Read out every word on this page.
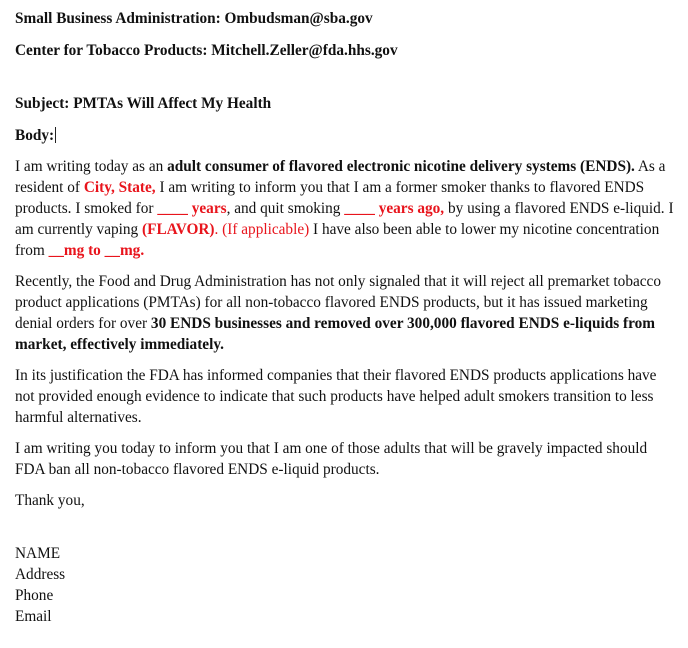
Small Business Administration: Ombudsman@sba.gov

Center for Tobacco Products: Mitchell.Zeller@fda.hhs.gov

Subject: PMTAs Will Affect My Health

Body:

I am writing today as an adult consumer of flavored electronic nicotine delivery systems (ENDS). As a resident of City, State, I am writing to inform you that I am a former smoker thanks to flavored ENDS products. I smoked for ____ years, and quit smoking ____ years ago, by using a flavored ENDS e-liquid. I am currently vaping (FLAVOR). (If applicable) I have also been able to lower my nicotine concentration from __mg to __mg.

Recently, the Food and Drug Administration has not only signaled that it will reject all premarket tobacco product applications (PMTAs) for all non-tobacco flavored ENDS products, but it has issued marketing denial orders for over 30 ENDS businesses and removed over 300,000 flavored ENDS e-liquids from market, effectively immediately.

In its justification the FDA has informed companies that their flavored ENDS products applications have not provided enough evidence to indicate that such products have helped adult smokers transition to less harmful alternatives.

I am writing you today to inform you that I am one of those adults that will be gravely impacted should FDA ban all non-tobacco flavored ENDS e-liquid products.

Thank you,

NAME

Address

Phone

Email
